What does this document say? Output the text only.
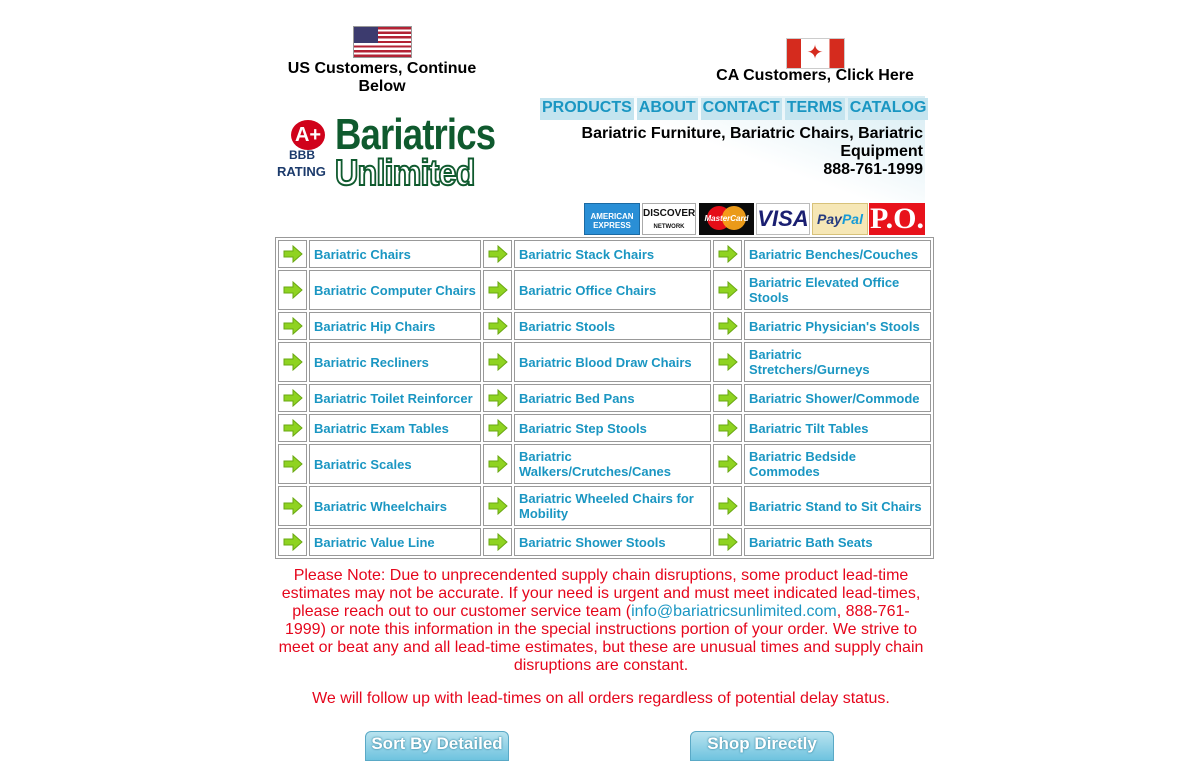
US Customers, Continue Below
✦
CA Customers, Click Here
A+
BBB
RATING
Bariatrics
Unlimited
PRODUCTS ABOUT CONTACT TERMS CATALOG
Bariatric Furniture, Bariatric Chairs, Bariatric Equipment
888-761-1999
AMERICAN EXPRESS
DISCOVER
NETWORK
MasterCard VISA PayPal P.O.
	Bariatric Chairs		Bariatric Stack Chairs		Bariatric Benches/Couches
	Bariatric Computer Chairs		Bariatric Office Chairs		Bariatric Elevated Office Stools
	Bariatric Hip Chairs		Bariatric Stools		Bariatric Physician's Stools
	Bariatric Recliners		Bariatric Blood Draw Chairs		Bariatric Stretchers/Gurneys
	Bariatric Toilet Reinforcer		Bariatric Bed Pans		Bariatric Shower/Commode
	Bariatric Exam Tables		Bariatric Step Stools		Bariatric Tilt Tables
	Bariatric Scales		Bariatric Walkers/Crutches/Canes		Bariatric Bedside Commodes
	Bariatric Wheelchairs		Bariatric Wheeled Chairs for Mobility		Bariatric Stand to Sit Chairs
	Bariatric Value Line		Bariatric Shower Stools		Bariatric Bath Seats
Please Note: Due to unprecendented supply chain disruptions, some product lead-time estimates may not be accurate. If your need is urgent and must meet indicated lead-times, please reach out to our customer service team (info@bariatricsunlimited.com, 888-761-1999) or note this information in the special instructions portion of your order. We strive to meet or beat any and all lead-time estimates, but these are unusual times and supply chain disruptions are constant.
We will follow up with lead-times on all orders regardless of potential delay status.
Sort By Detailed	Shop Directly
